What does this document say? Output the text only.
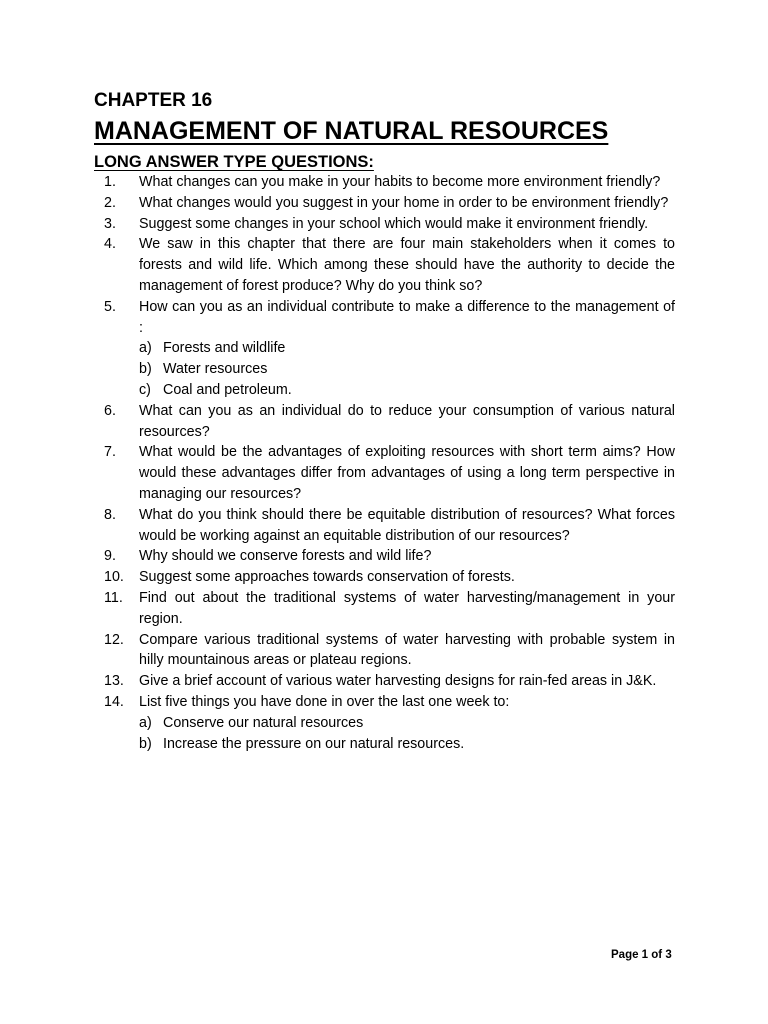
CHAPTER 16
MANAGEMENT OF NATURAL RESOURCES
LONG ANSWER TYPE QUESTIONS:
1.	What changes can you make in your habits to become more environment friendly?
2.	What changes would you suggest in your home in order to be environment friendly?
3.	Suggest some changes in your school which would make it environment friendly.
4.	We saw in this chapter that there are four main stakeholders when it comes to forests and wild life. Which among these should have the authority to decide the management of forest produce? Why do you think so?
5.	How can you as an individual contribute to make a difference to the management of :
a) Forests and wildlife
b) Water resources
c) Coal and petroleum.
6.	What can you as an individual do to reduce your consumption of various natural resources?
7.	What would be the advantages of exploiting resources with short term aims? How would these advantages differ from advantages of using a long term perspective in managing our resources?
8.	What do you think should there be equitable distribution of resources? What forces would be working against an equitable distribution of our resources?
9.	Why should we conserve forests and wild life?
10.	Suggest some approaches towards conservation of forests.
11.	Find out about the traditional systems of water harvesting/management in your region.
12.	Compare various traditional systems of water harvesting with probable system in hilly mountainous areas or plateau regions.
13.	Give a brief account of various water harvesting designs for rain-fed areas in J&K.
14.	List five things you have done in over the last one week to:
a) Conserve our natural resources
b) Increase the pressure on our natural resources.
Page 1 of 3
